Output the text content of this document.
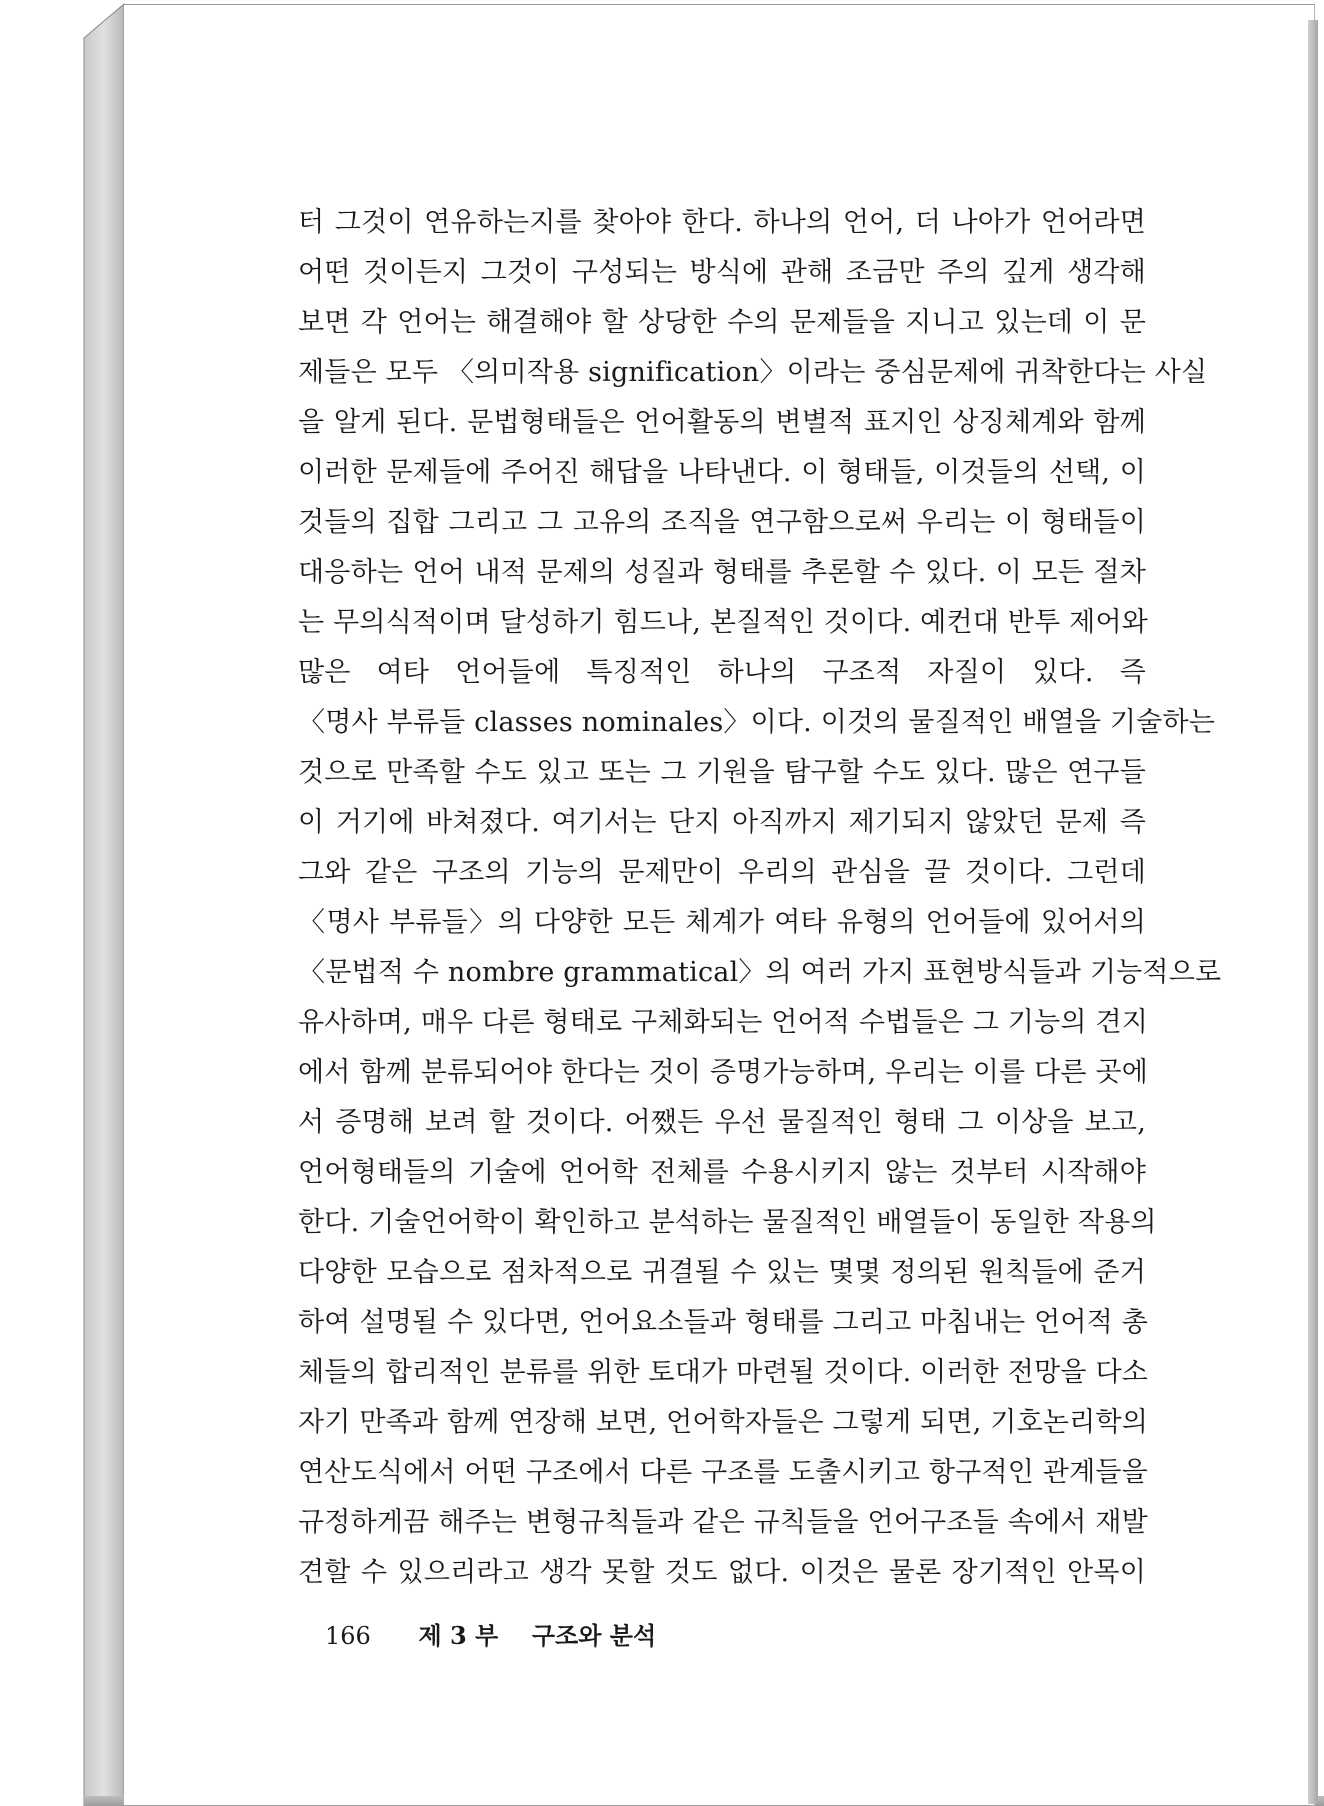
터 그것이 연유하는지를 찾아야 한다. 하나의 언어, 더 나아가 언어라면
어떤 것이든지 그것이 구성되는 방식에 관해 조금만 주의 깊게 생각해
보면 각 언어는 해결해야 할 상당한 수의 문제들을 지니고 있는데 이 문
제들은 모두 〈의미작용 signification〉이라는 중심문제에 귀착한다는 사실
을 알게 된다. 문법형태들은 언어활동의 변별적 표지인 상징체계와 함께
이러한 문제들에 주어진 해답을 나타낸다. 이 형태들, 이것들의 선택, 이
것들의 집합 그리고 그 고유의 조직을 연구함으로써 우리는 이 형태들이
대응하는 언어 내적 문제의 성질과 형태를 추론할 수 있다. 이 모든 절차
는 무의식적이며 달성하기 힘드나, 본질적인 것이다. 예컨대 반투 제어와
많은 여타 언어들에 특징적인 하나의 구조적 자질이 있다. 즉
〈명사 부류들 classes nominales〉이다. 이것의 물질적인 배열을 기술하는
것으로 만족할 수도 있고 또는 그 기원을 탐구할 수도 있다. 많은 연구들
이 거기에 바쳐졌다. 여기서는 단지 아직까지 제기되지 않았던 문제 즉
그와 같은 구조의 기능의 문제만이 우리의 관심을 끌 것이다. 그런데
〈명사 부류들〉의 다양한 모든 체계가 여타 유형의 언어들에 있어서의
〈문법적 수 nombre grammatical〉의 여러 가지 표현방식들과 기능적으로
유사하며, 매우 다른 형태로 구체화되는 언어적 수법들은 그 기능의 견지
에서 함께 분류되어야 한다는 것이 증명가능하며, 우리는 이를 다른 곳에
서 증명해 보려 할 것이다. 어쨌든 우선 물질적인 형태 그 이상을 보고,
언어형태들의 기술에 언어학 전체를 수용시키지 않는 것부터 시작해야
한다. 기술언어학이 확인하고 분석하는 물질적인 배열들이 동일한 작용의
다양한 모습으로 점차적으로 귀결될 수 있는 몇몇 정의된 원칙들에 준거
하여 설명될 수 있다면, 언어요소들과 형태를 그리고 마침내는 언어적 총
체들의 합리적인 분류를 위한 토대가 마련될 것이다. 이러한 전망을 다소
자기 만족과 함께 연장해 보면, 언어학자들은 그렇게 되면, 기호논리학의
연산도식에서 어떤 구조에서 다른 구조를 도출시키고 항구적인 관계들을
규정하게끔 해주는 변형규칙들과 같은 규칙들을 언어구조들 속에서 재발
견할 수 있으리라고 생각 못할 것도 없다. 이것은 물론 장기적인 안목이
166 제 3 부 구조와 분석
